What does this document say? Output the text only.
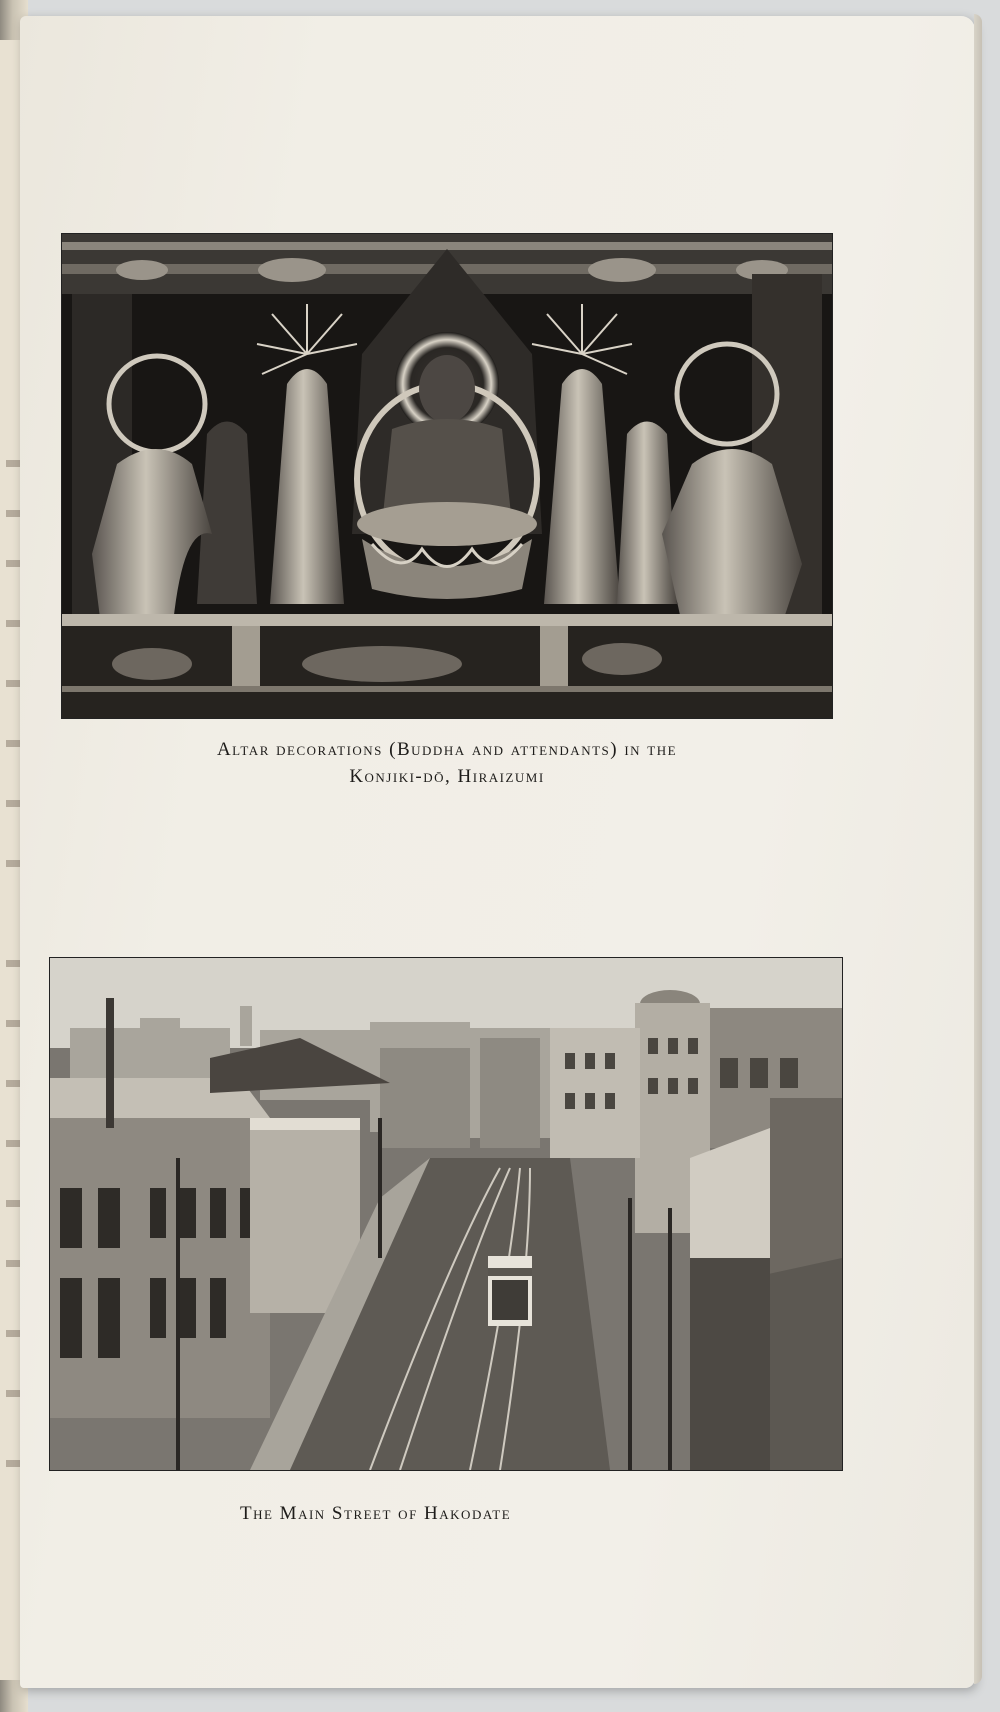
Altar decorations (Buddha and attendants) in the
Konjiki-dō, Hiraizumi
The Main Street of Hakodate
